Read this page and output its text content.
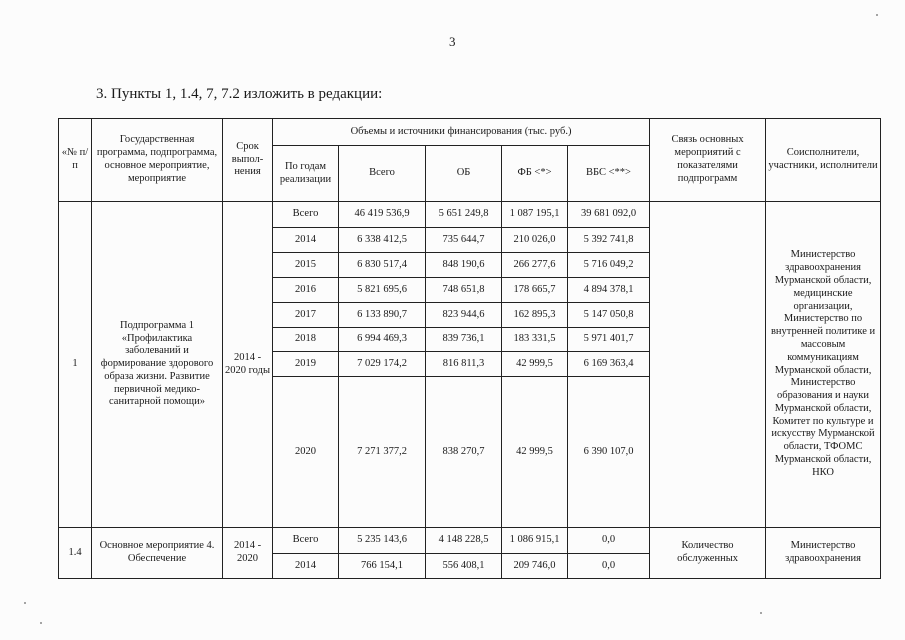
3
3. Пункты 1, 1.4, 7, 7.2 изложить в редакции:
«№ п/п	Государственная программа, подпрограмма, основное мероприятие, мероприятие	Срок выпол-нения	Объемы и источники финансирования (тыс. руб.)					Связь основных мероприятий с показателями подпрограмм	Соисполнители, участники, исполнители
			По годам реализации	Всего	ОБ	ФБ <*>	ВБС <**>		
1	Подпрограмма 1 «Профилактика заболеваний и формирование здорового образа жизни. Развитие первичной медико-санитарной помощи»	2014 - 2020 годы	Всего	46 419 536,9	5 651 249,8	1 087 195,1	39 681 092,0		Министерство здравоохранения Мурманской области, медицинские организации, Министерство по внутренней политике и массовым коммуникациям Мурманской области, Министерство образования и науки Мурманской области, Комитет по культуре и искусству Мурманской области, ТФОМС Мурманской области, НКО
			2014	6 338 412,5	735 644,7	210 026,0	5 392 741,8		
			2015	6 830 517,4	848 190,6	266 277,6	5 716 049,2		
			2016	5 821 695,6	748 651,8	178 665,7	4 894 378,1		
			2017	6 133 890,7	823 944,6	162 895,3	5 147 050,8		
			2018	6 994 469,3	839 736,1	183 331,5	5 971 401,7		
			2019	7 029 174,2	816 811,3	42 999,5	6 169 363,4		
			2020	7 271 377,2	838 270,7	42 999,5	6 390 107,0		
1.4	Основное мероприятие 4. Обеспечение	2014 - 2020	Всего	5 235 143,6	4 148 228,5	1 086 915,1	0,0	Количество обслуженных	Министерство здравоохранения
			2014	766 154,1	556 408,1	209 746,0	0,0		
